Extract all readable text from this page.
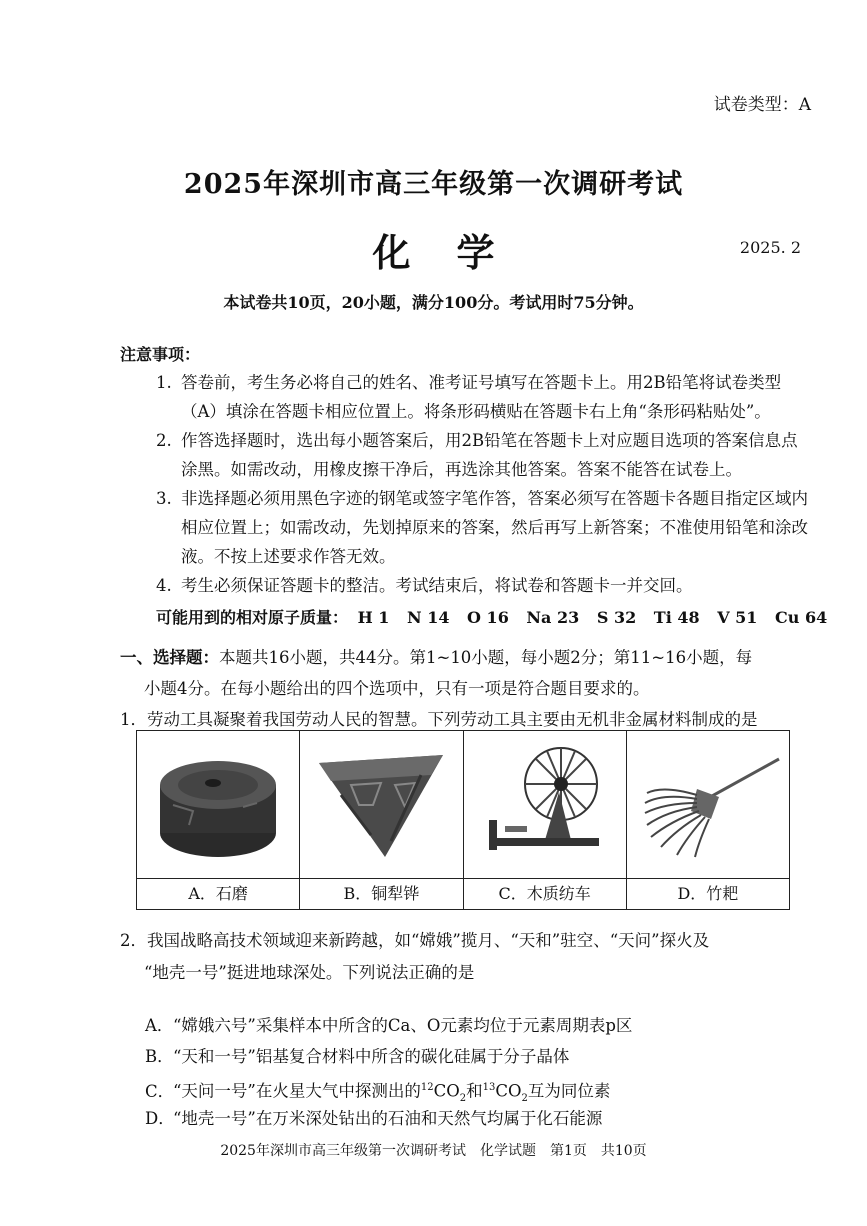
试卷类型：A
2025年深圳市高三年级第一次调研考试
化学	2025. 2
本试卷共10页，20小题，满分100分。考试用时75分钟。
注意事项：
1. 答卷前，考生务必将自己的姓名、准考证号填写在答题卡上。用2B铅笔将试卷类型（A）填涂在答题卡相应位置上。将条形码横贴在答题卡右上角“条形码粘贴处”。
2. 作答选择题时，选出每小题答案后，用2B铅笔在答题卡上对应题目选项的答案信息点涂黑。如需改动，用橡皮擦干净后，再选涂其他答案。答案不能答在试卷上。
3. 非选择题必须用黑色字迹的钢笔或签字笔作答，答案必须写在答题卡各题目指定区域内相应位置上；如需改动，先划掉原来的答案，然后再写上新答案；不准使用铅笔和涂改液。不按上述要求作答无效。
4. 考生必须保证答题卡的整洁。考试结束后，将试卷和答题卡一并交回。
可能用到的相对原子质量： H 1 N 14 O 16 Na 23 S 32 Ti 48 V 51 Cu 64
一、选择题：本题共16小题，共44分。第1~10小题，每小题2分；第11~16小题，每
小题4分。在每小题给出的四个选项中，只有一项是符合题目要求的。
1．劳动工具凝聚着我国劳动人民的智慧。下列劳动工具主要由无机非金属材料制成的是
A．石磨	B．铜犁铧	C．木质纺车	D．竹耙
2．我国战略高技术领域迎来新跨越，如“嫦娥”揽月、“天和”驻空、“天问”探火及
“地壳一号”挺进地球深处。下列说法正确的是
A．“嫦娥六号”采集样本中所含的Ca、O元素均位于元素周期表p区
B．“天和一号”铝基复合材料中所含的碳化硅属于分子晶体
C．“天问一号”在火星大气中探测出的$^{12}CO_2$和$^{13}CO_2$互为同位素
D．“地壳一号”在万米深处钻出的石油和天然气均属于化石能源
2025年深圳市高三年级第一次调研考试　化学试题　第1页　共10页
